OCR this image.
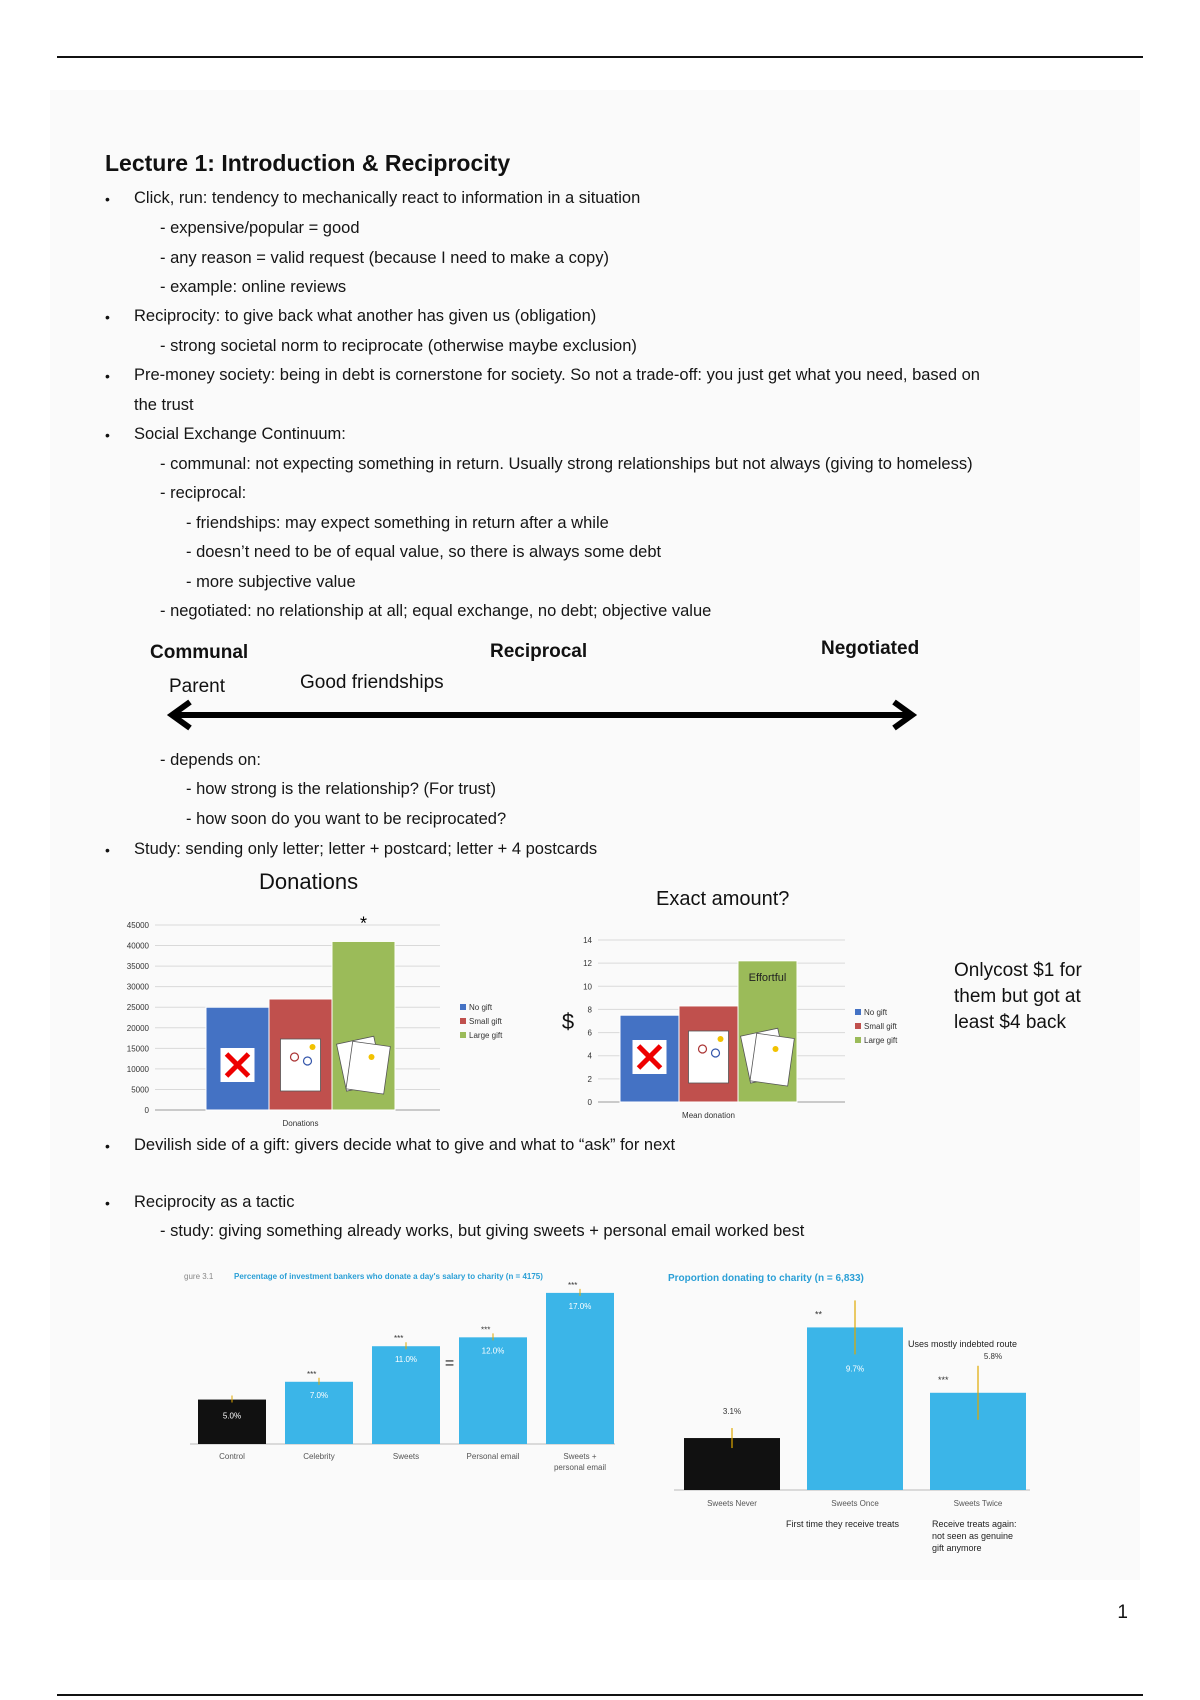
Lecture 1: Introduction & Reciprocity
• Click, run: tendency to mechanically react to information in a situation
- expensive/popular = good
- any reason = valid request (because I need to make a copy)
- example: online reviews
• Reciprocity: to give back what another has given us (obligation)
- strong societal norm to reciprocate (otherwise maybe exclusion)
• Pre-money society: being in debt is cornerstone for society. So not a trade-off: you just get what you need, based on
the trust
• Social Exchange Continuum:
- communal: not expecting something in return. Usually strong relationships but not always (giving to homeless)
- reciprocal:
- friendships: may expect something in return after a while
- doesn’t need to be of equal value, so there is always some debt
- more subjective value
- negotiated: no relationship at all; equal exchange, no debt; objective value
Communal	Reciprocal	Negotiated
Parent	Good friendships
- depends on:
- how strong is the relationship? (For trust)
- how soon do you want to be reciprocated?
• Study: sending only letter; letter + postcard; letter + 4 postcards
Donations
0
5000
10000
15000
20000
25000
30000
35000
40000
45000
Donations
No gift
Small gift
Large gift
*
Exact amount?
0
2
4
6
8
10
12
14
Mean donation
$	No gift
Small gift
Large gift
Effortful	Onlycost $1 for
them but got at
least $4 back
• Devilish side of a gift: givers decide what to give and what to “ask” for next
• Reciprocity as a tactic
- study: giving something already works, but giving sweets + personal email worked best
gure 3.1	Percentage of investment bankers who donate a day's salary to charity (n = 4175)
5.0%
Control
7.0%
***
Celebrity
11.0%
***
Sweets
12.0%
***
Personal email
17.0%
***
Sweets +
personal email
=
Proportion donating to charity (n = 6,833)
3.1%
Sweets Never
9.7%
**
Sweets Once
5.8%
***
Sweets Twice
Uses mostly indebted route
First time they receive treats	Receive treats again: not seen as genuine gift anymore
1
